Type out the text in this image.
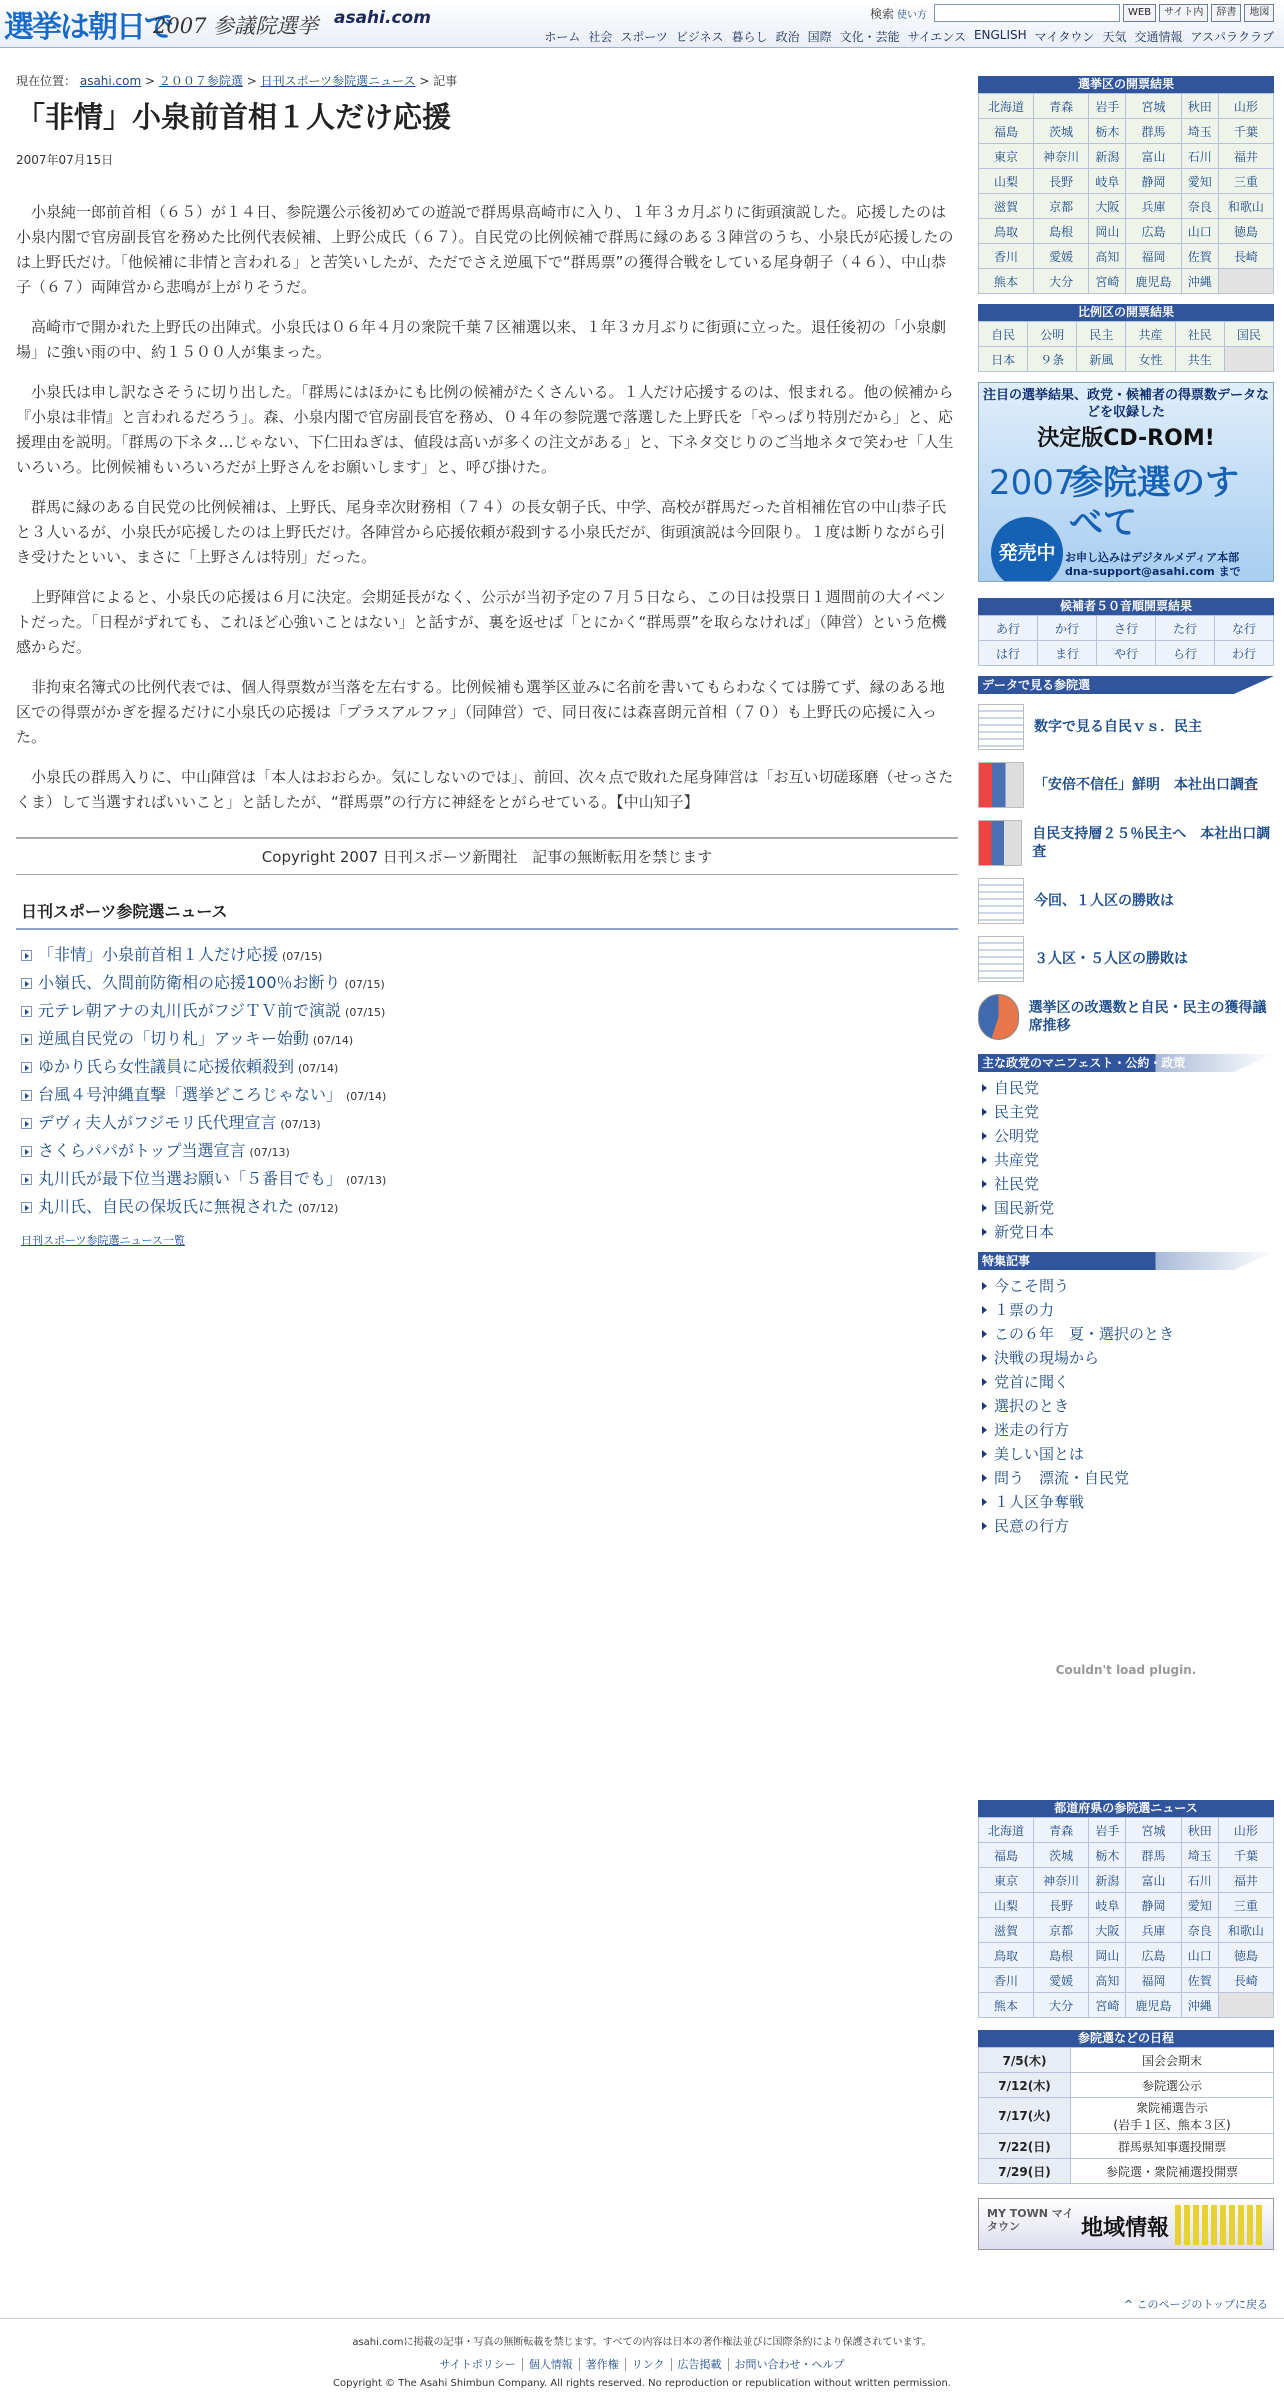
選挙は朝日で
2007 参議院選挙 asahi.com	検索 使い方	WEB	サイト内	辞書	地図
ホーム 社会 スポーツ ビジネス 暮らし 政治 国際 文化・芸能 サイエンス ENGLISH マイタウン 天気 交通情報 アスパラクラブ
現在位置： asahi.com > ２００７参院選 > 日刊スポーツ参院選ニュース > 記事
「非情」小泉前首相１人だけ応援
2007年07月15日

小泉純一郎前首相（６５）が１４日、参院選公示後初めての遊説で群馬県高崎市に入り、１年３カ月ぶりに街頭演説した。応援したのは小泉内閣で官房副長官を務めた比例代表候補、上野公成氏（６７）。自民党の比例候補で群馬に縁のある３陣営のうち、小泉氏が応援したのは上野氏だけ。「他候補に非情と言われる」と苦笑いしたが、ただでさえ逆風下で“群馬票”の獲得合戦をしている尾身朝子（４６）、中山恭子（６７）両陣営から悲鳴が上がりそうだ。

高崎市で開かれた上野氏の出陣式。小泉氏は０６年４月の衆院千葉７区補選以来、１年３カ月ぶりに街頭に立った。退任後初の「小泉劇場」に強い雨の中、約１５００人が集まった。

小泉氏は申し訳なさそうに切り出した。「群馬にはほかにも比例の候補がたくさんいる。１人だけ応援するのは、恨まれる。他の候補から『小泉は非情』と言われるだろう」。森、小泉内閣で官房副長官を務め、０４年の参院選で落選した上野氏を「やっぱり特別だから」と、応援理由を説明。「群馬の下ネタ…じゃない、下仁田ねぎは、値段は高いが多くの注文がある」と、下ネタ交じりのご当地ネタで笑わせ「人生いろいろ。比例候補もいろいろだが上野さんをお願いします」と、呼び掛けた。

群馬に縁のある自民党の比例候補は、上野氏、尾身幸次財務相（７４）の長女朝子氏、中学、高校が群馬だった首相補佐官の中山恭子氏と３人いるが、小泉氏が応援したのは上野氏だけ。各陣営から応援依頼が殺到する小泉氏だが、街頭演説は今回限り。１度は断りながら引き受けたといい、まさに「上野さんは特別」だった。

上野陣営によると、小泉氏の応援は６月に決定。会期延長がなく、公示が当初予定の７月５日なら、この日は投票日１週間前の大イベントだった。「日程がずれても、これほど心強いことはない」と話すが、裏を返せば「とにかく“群馬票”を取らなければ」（陣営）という危機感からだ。

非拘束名簿式の比例代表では、個人得票数が当落を左右する。比例候補も選挙区並みに名前を書いてもらわなくては勝てず、縁のある地区での得票がかぎを握るだけに小泉氏の応援は「プラスアルファ」（同陣営）で、同日夜には森喜朗元首相（７０）も上野氏の応援に入った。

小泉氏の群馬入りに、中山陣営は「本人はおおらか。気にしないのでは」、前回、次々点で敗れた尾身陣営は「お互い切磋琢磨（せっさたくま）して当選すればいいこと」と話したが、“群馬票”の行方に神経をとがらせている。【中山知子】

Copyright 2007 日刊スポーツ新聞社　記事の無断転用を禁じます
日刊スポーツ参院選ニュース
「非情」小泉前首相１人だけ応援 (07/15)
小嶺氏、久間前防衛相の応援100％お断り (07/15)
元テレ朝アナの丸川氏がフジＴＶ前で演説 (07/15)
逆風自民党の「切り札」アッキー始動 (07/14)
ゆかり氏ら女性議員に応援依頼殺到 (07/14)
台風４号沖縄直撃「選挙どころじゃない」 (07/14)
デヴィ夫人がフジモリ氏代理宣言 (07/13)
さくらパパがトップ当選宣言 (07/13)
丸川氏が最下位当選お願い「５番目でも」 (07/13)
丸川氏、自民の保坂氏に無視された (07/12)
日刊スポーツ参院選ニュース一覧
選挙区の開票結果
北海道	青森	岩手	宮城	秋田	山形
福島	茨城	栃木	群馬	埼玉	千葉
東京	神奈川	新潟	富山	石川	福井
山梨	長野	岐阜	静岡	愛知	三重
滋賀	京都	大阪	兵庫	奈良	和歌山
鳥取	島根	岡山	広島	山口	徳島
香川	愛媛	高知	福岡	佐賀	長崎
熊本	大分	宮崎	鹿児島	沖縄	
比例区の開票結果
自民	公明	民主	共産	社民	国民
日本	９条	新風	女性	共生	
注目の選挙結果、政党・候補者の得票数データなどを収録した
決定版CD-ROM!
2007
参院選のすべて
発売中 お申し込みはデジタルメディア本部 dna-support@asahi.com まで
候補者５０音順開票結果
あ行	か行	さ行	た行	な行
は行	ま行	や行	ら行	わ行
データで見る参院選
数字で見る自民ｖｓ．民主
「安倍不信任」鮮明　本社出口調査
自民支持層２５％民主へ　本社出口調査
今回、１人区の勝敗は
３人区・５人区の勝敗は
選挙区の改選数と自民・民主の獲得議席推移
主な政党のマニフェスト・公約・政策
自民党
民主党
公明党
共産党
社民党
国民新党
新党日本
特集記事
今こそ問う
１票の力
この６年　夏・選択のとき
決戦の現場から
党首に聞く
選択のとき
迷走の行方
美しい国とは
問う　漂流・自民党
１人区争奪戦
民意の行方
Couldn't load plugin.
都道府県の参院選ニュース
北海道	青森	岩手	宮城	秋田	山形
福島	茨城	栃木	群馬	埼玉	千葉
東京	神奈川	新潟	富山	石川	福井
山梨	長野	岐阜	静岡	愛知	三重
滋賀	京都	大阪	兵庫	奈良	和歌山
鳥取	島根	岡山	広島	山口	徳島
香川	愛媛	高知	福岡	佐賀	長崎
熊本	大分	宮崎	鹿児島	沖縄	
参院選などの日程
7/5(木)	国会会期末
7/12(木)	参院選公示
7/17(火)	衆院補選告示
(岩手１区、熊本３区)
7/22(日)	群馬県知事選投開票
7/29(日)	参院選・衆院補選投開票
MY TOWN マイタウン	地域情報
^ このページのトップに戻る
asahi.comに掲載の記事・写真の無断転載を禁じます。すべての内容は日本の著作権法並びに国際条約により保護されています。
サイトポリシー 個人情報 著作権 リンク 広告掲載 お問い合わせ・ヘルプ
Copyright © The Asahi Shimbun Company. All rights reserved. No reproduction or republication without written permission.
